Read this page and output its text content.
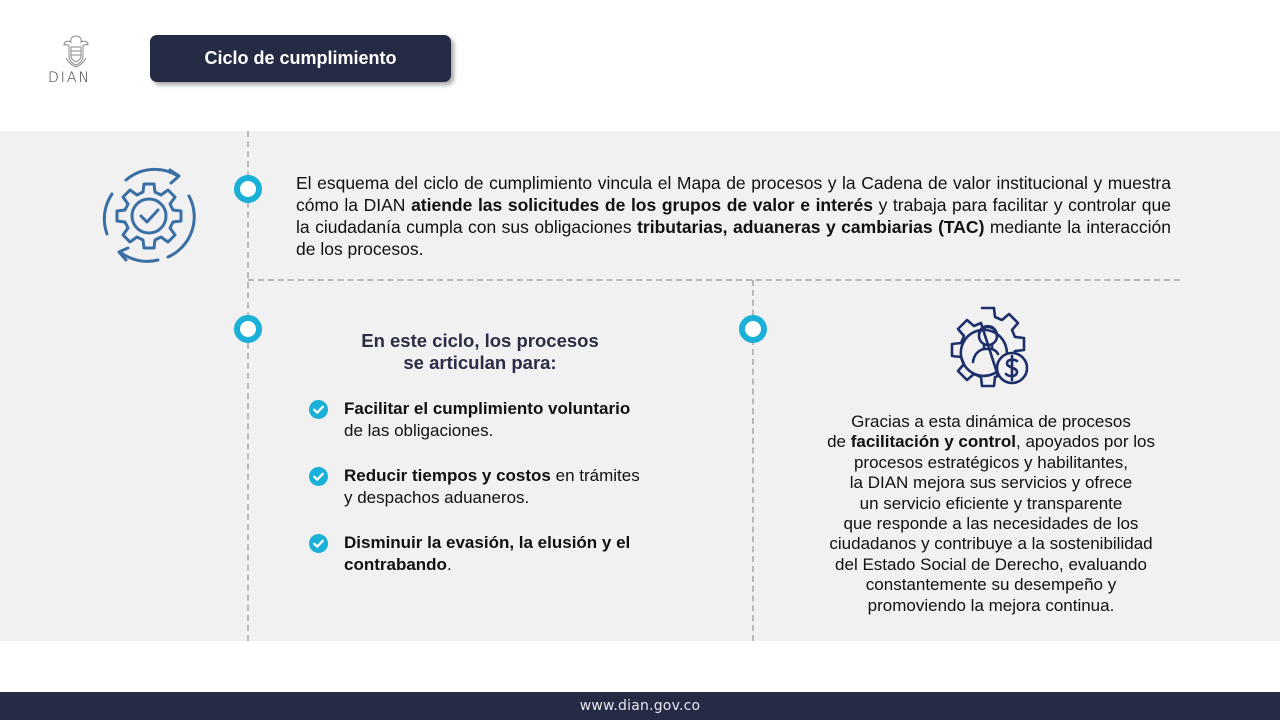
DIAN
Ciclo de cumplimiento

El esquema del ciclo de cumplimiento vincula el Mapa de procesos y la Cadena de valor institucional y muestra cómo la DIAN atiende las solicitudes de los grupos de valor e interés y trabaja para facilitar y controlar que la ciudadanía cumpla con sus obligaciones tributarias, aduaneras y cambiarias (TAC) mediante la interacción de los procesos.

En este ciclo, los procesos
se articulan para:
Facilitar el cumplimiento voluntario de las obligaciones.
Reducir tiempos y costos en trámites y despachos aduaneros.
Disminuir la evasión, la elusión y el contrabando.
Gracias a esta dinámica de procesos
de facilitación y control, apoyados por los
procesos estratégicos y habilitantes,
la DIAN mejora sus servicios y ofrece
un servicio eficiente y transparente
que responde a las necesidades de los
ciudadanos y contribuye a la sostenibilidad
del Estado Social de Derecho, evaluando
constantemente su desempeño y
promoviendo la mejora continua.
www.dian.gov.co
